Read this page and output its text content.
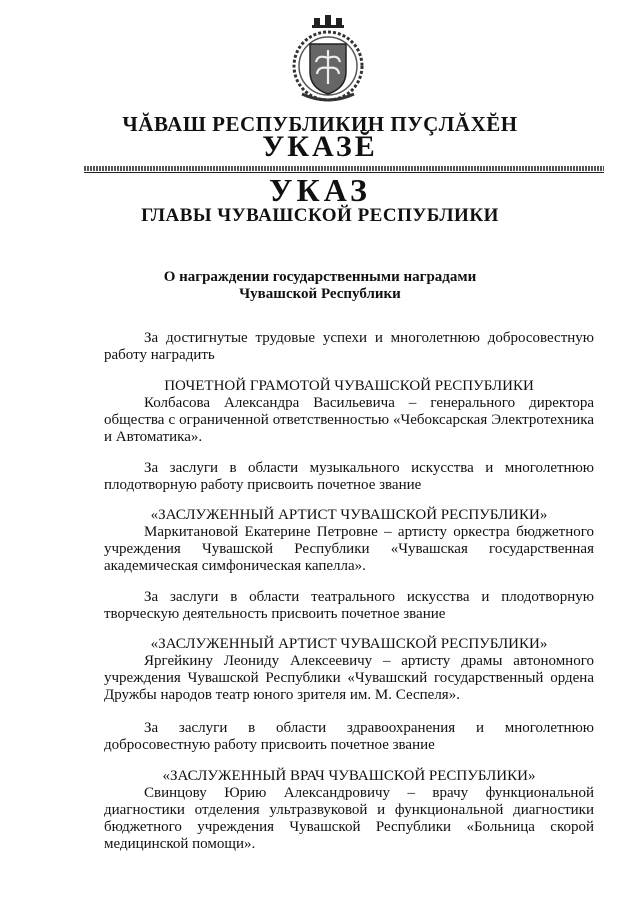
ЧĂВАШ РЕСПУБЛИКИН ПУÇЛĂХĔН
УКАЗĔ
УКАЗ
ГЛАВЫ ЧУВАШСКОЙ РЕСПУБЛИКИ
О награждении государственными наградами
Чувашской Республики
За достигнутые трудовые успехи и многолетнюю добросовестную работу наградить
ПОЧЕТНОЙ ГРАМОТОЙ ЧУВАШСКОЙ РЕСПУБЛИКИ
Колбасова Александра Васильевича – генерального директора общества с ограниченной ответственностью «Чебоксарская Электротехника и Автоматика».
За заслуги в области музыкального искусства и многолетнюю плодотворную работу присвоить почетное звание
«ЗАСЛУЖЕННЫЙ АРТИСТ ЧУВАШСКОЙ РЕСПУБЛИКИ»
Маркитановой Екатерине Петровне – артисту оркестра бюджетного учреждения Чувашской Республики «Чувашская государственная академическая симфоническая капелла».
За заслуги в области театрального искусства и плодотворную творческую деятельность присвоить почетное звание
«ЗАСЛУЖЕННЫЙ АРТИСТ ЧУВАШСКОЙ РЕСПУБЛИКИ»
Яргейкину Леониду Алексеевичу – артисту драмы автономного учреждения Чувашской Республики «Чувашский государственный ордена Дружбы народов театр юного зрителя им. М. Сеспеля».
За заслуги в области здравоохранения и многолетнюю добросовестную работу присвоить почетное звание
«ЗАСЛУЖЕННЫЙ ВРАЧ ЧУВАШСКОЙ РЕСПУБЛИКИ»
Свинцову Юрию Александровичу – врачу функциональной диагностики отделения ультразвуковой и функциональной диагностики бюджетного учреждения Чувашской Республики «Больница скорой медицинской помощи».
